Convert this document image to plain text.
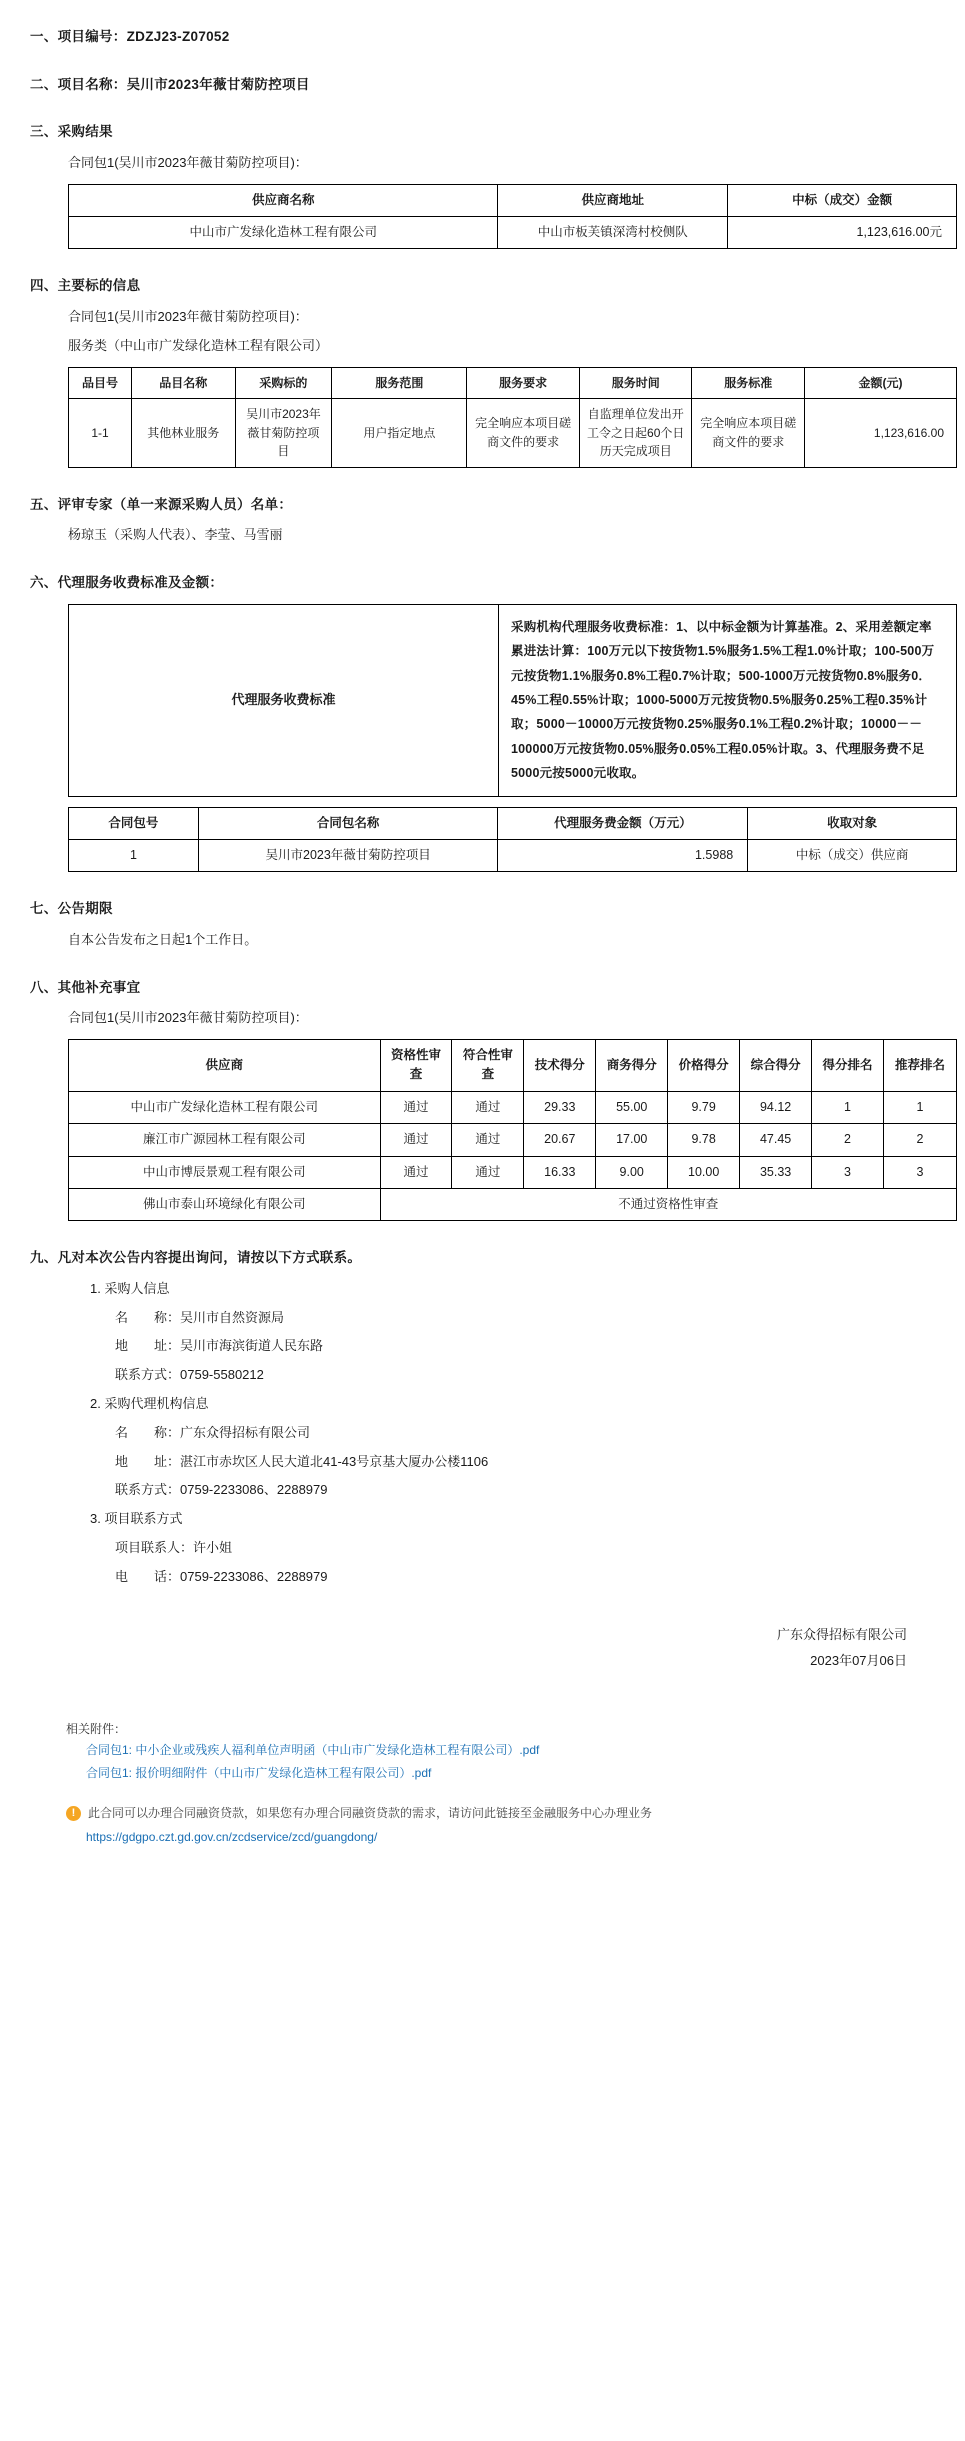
一、项目编号：ZDZJ23-Z07052
二、项目名称：吴川市2023年薇甘菊防控项目
三、采购结果
合同包1(吴川市2023年薇甘菊防控项目)：
供应商名称	供应商地址	中标（成交）金额
中山市广发绿化造林工程有限公司	中山市板芙镇深湾村校侧队	1,123,616.00元
四、主要标的信息
合同包1(吴川市2023年薇甘菊防控项目)：
服务类（中山市广发绿化造林工程有限公司）
品目号	品目名称	采购标的	服务范围	服务要求	服务时间	服务标准	金额(元)
1-1	其他林业服务	吴川市2023年薇甘菊防控项目	用户指定地点	完全响应本项目磋商文件的要求	自监理单位发出开工令之日起60个日历天完成项目	完全响应本项目磋商文件的要求	1,123,616.00
五、评审专家（单一来源采购人员）名单：
杨琼玉（采购人代表）、李莹、马雪丽
六、代理服务收费标准及金额：
代理服务收费标准	采购机构代理服务收费标准：1、以中标金额为计算基准。2、采用差额定率累进法计算：100万元以下按货物1.5%服务1.5%工程1.0%计取；100-500万元按货物1.1%服务0.8%工程0.7%计取；500-1000万元按货物0.8%服务0．45%工程0.55%计取；1000-5000万元按货物0.5%服务0.25%工程0.35%计取；5000－10000万元按货物0.25%服务0.1%工程0.2%计取；10000－－100000万元按货物0.05%服务0.05%工程0.05%计取。3、代理服务费不足5000元按5000元收取。
合同包号	合同包名称	代理服务费金额（万元）	收取对象
1	吴川市2023年薇甘菊防控项目	1.5988	中标（成交）供应商
七、公告期限
自本公告发布之日起1个工作日。
八、其他补充事宜
合同包1(吴川市2023年薇甘菊防控项目)：
供应商	资格性审查	符合性审查	技术得分	商务得分	价格得分	综合得分	得分排名	推荐排名
中山市广发绿化造林工程有限公司	通过	通过	29.33	55.00	9.79	94.12	1	1
廉江市广源园林工程有限公司	通过	通过	20.67	17.00	9.78	47.45	2	2
中山市博辰景观工程有限公司	通过	通过	16.33	9.00	10.00	35.33	3	3
佛山市泰山环境绿化有限公司	不通过资格性审查							
九、凡对本次公告内容提出询问，请按以下方式联系。
1. 采购人信息
名　　称：吴川市自然资源局
地　　址：吴川市海滨街道人民东路
联系方式：0759-5580212
2. 采购代理机构信息
名　　称：广东众得招标有限公司
地　　址：湛江市赤坎区人民大道北41-43号京基大厦办公楼1106
联系方式：0759-2233086、2288979
3. 项目联系方式
项目联系人：许小姐
电　　话：0759-2233086、2288979
广东众得招标有限公司
2023年07月06日
相关附件：
合同包1: 中小企业或残疾人福利单位声明函（中山市广发绿化造林工程有限公司）.pdf
合同包1: 报价明细附件（中山市广发绿化造林工程有限公司）.pdf
!	此合同可以办理合同融资贷款，如果您有办理合同融资贷款的需求，请访问此链接至金融服务中心办理业务
https://gdgpo.czt.gd.gov.cn/zcdservice/zcd/guangdong/
